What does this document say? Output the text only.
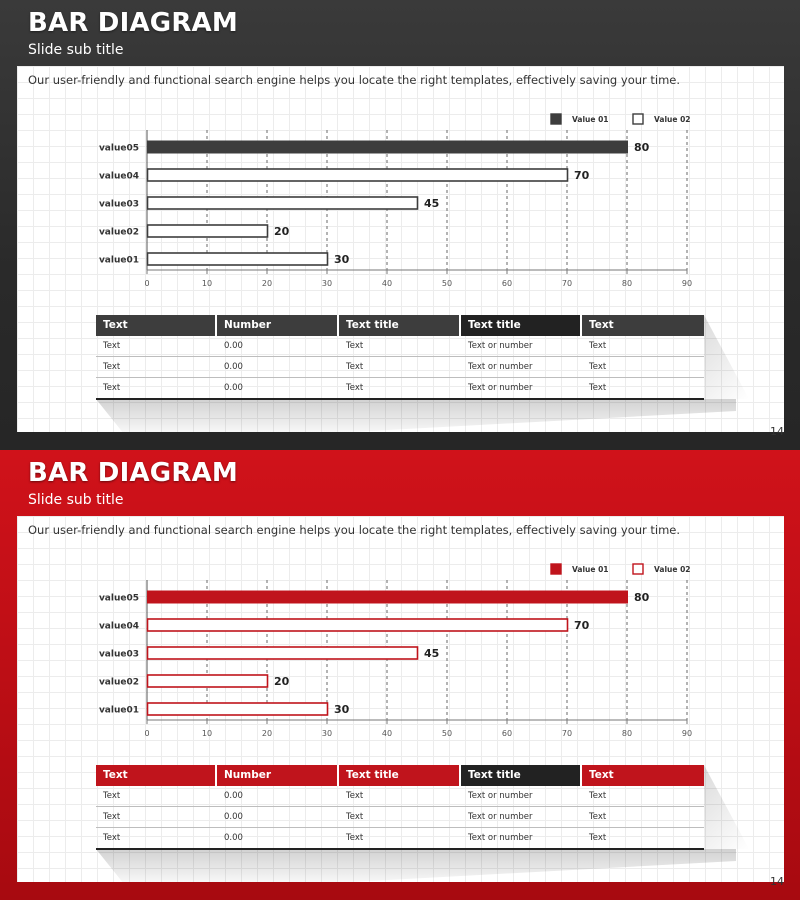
BAR DIAGRAM
Slide sub title
Our user-friendly and functional search engine helps you locate the right templates, effectively saving your time.
0	10	20	30	40	50	60	70	80	90
value05	80
value04	70
value03	45
value02	20
value01	30
Value 01	Value 02
Text	Number	Text title	Text title	Text
Text	0.00	Text	Text or number	Text
Text	0.00	Text	Text or number	Text
Text	0.00	Text	Text or number	Text
14
BAR DIAGRAM
Slide sub title
Our user-friendly and functional search engine helps you locate the right templates, effectively saving your time.
0	10	20	30	40	50	60	70	80	90
value05	80
value04	70
value03	45
value02	20
value01	30
Value 01	Value 02
Text	Number	Text title	Text title	Text
Text	0.00	Text	Text or number	Text
Text	0.00	Text	Text or number	Text
Text	0.00	Text	Text or number	Text
14
